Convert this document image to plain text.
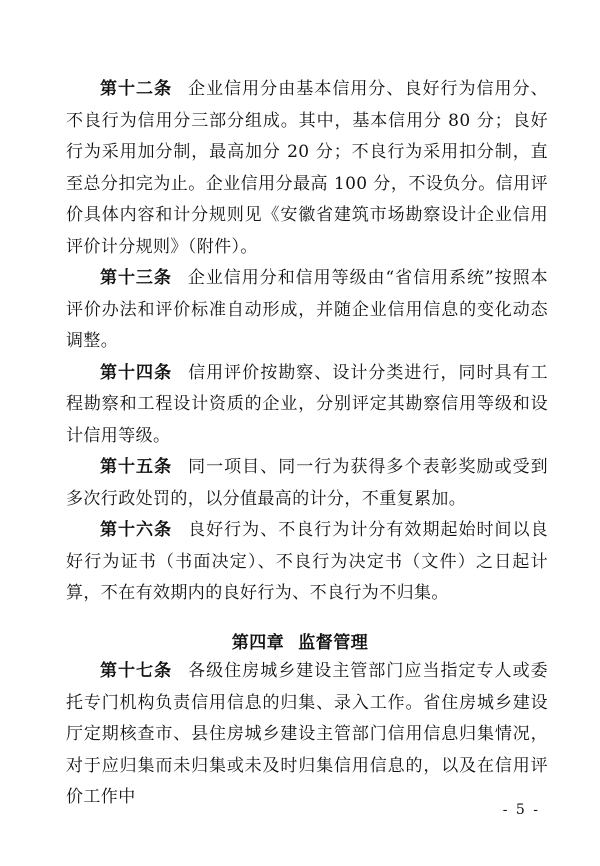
第十二条 企业信用分由基本信用分、良好行为信用分、不良行为信用分三部分组成。其中，基本信用分 80 分；良好行为采用加分制，最高加分 20 分；不良行为采用扣分制，直至总分扣完为止。企业信用分最高 100 分，不设负分。信用评价具体内容和计分规则见《安徽省建筑市场勘察设计企业信用评价计分规则》（附件）。

第十三条 企业信用分和信用等级由“省信用系统”按照本评价办法和评价标准自动形成，并随企业信用信息的变化动态调整。

第十四条 信用评价按勘察、设计分类进行，同时具有工程勘察和工程设计资质的企业，分别评定其勘察信用等级和设计信用等级。

第十五条 同一项目、同一行为获得多个表彰奖励或受到多次行政处罚的，以分值最高的计分，不重复累加。

第十六条 良好行为、不良行为计分有效期起始时间以良好行为证书（书面决定）、不良行为决定书（文件）之日起计算，不在有效期内的良好行为、不良行为不归集。

第四章 监督管理

第十七条 各级住房城乡建设主管部门应当指定专人或委托专门机构负责信用信息的归集、录入工作。省住房城乡建设厅定期核查市、县住房城乡建设主管部门信用信息归集情况，对于应归集而未归集或未及时归集信用信息的，以及在信用评价工作中

- 5 -
